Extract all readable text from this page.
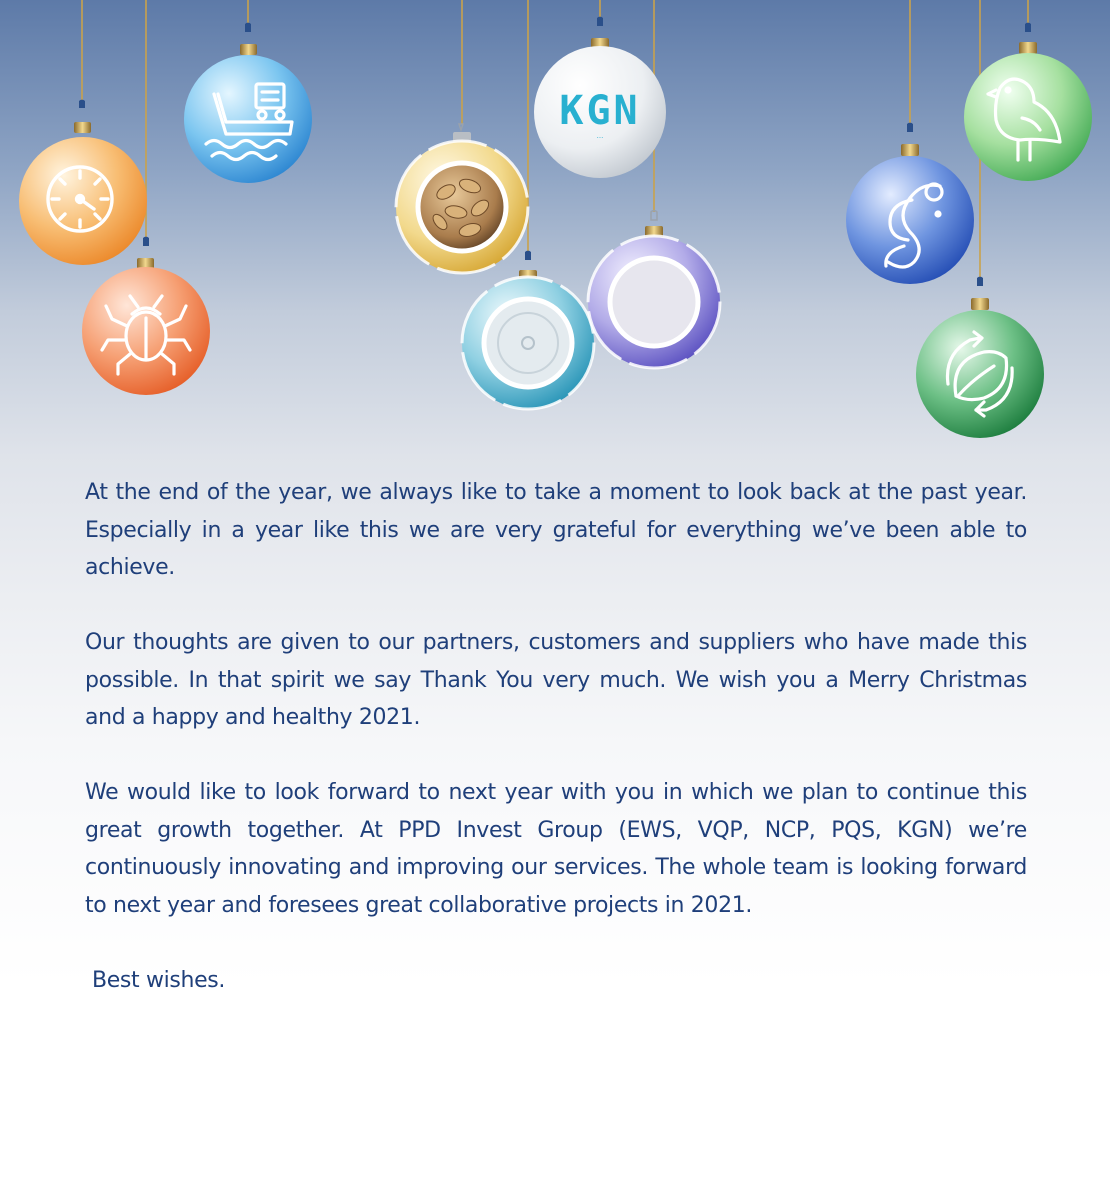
KGN
...

At the end of the year, we always like to take a moment to look back at the past year. Especially in a year like this we are very grateful for everything we’ve been able to achieve.

Our thoughts are given to our partners, customers and suppliers who have made this possible. In that spirit we say Thank You very much. We wish you a Merry Christmas and a happy and healthy 2021.

We would like to look forward to next year with you in which we plan to continue this great growth together. At PPD Invest Group (EWS, VQP, NCP, PQS, KGN) we’re continuously innovating and improving our services. The whole team is looking forward to next year and foresees great collaborative projects in 2021.

Best wishes.
